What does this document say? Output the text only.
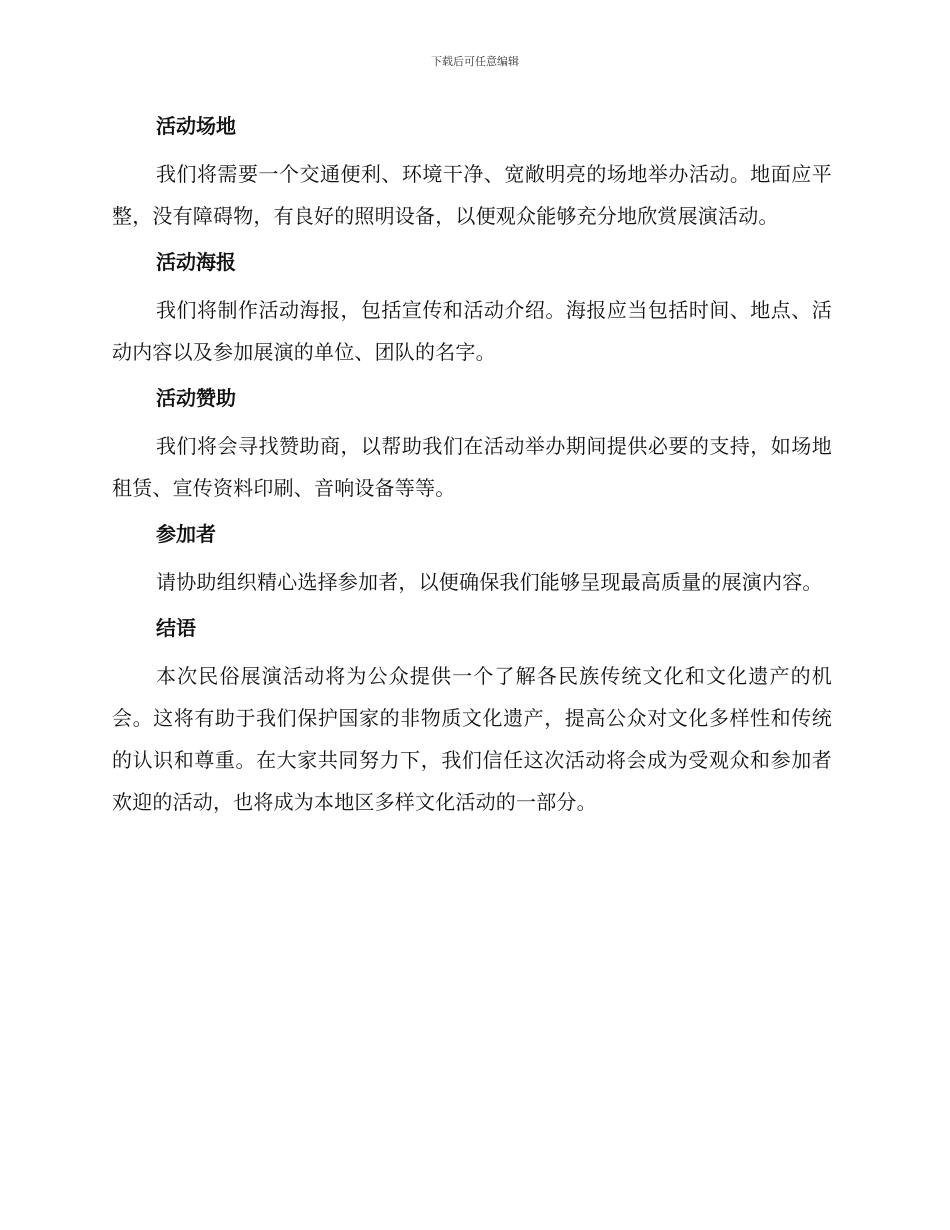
下载后可任意编辑
活动场地

我们将需要一个交通便利、环境干净、宽敞明亮的场地举办活动。地面应平整，没有障碍物，有良好的照明设备，以便观众能够充分地欣赏展演活动。

活动海报

我们将制作活动海报，包括宣传和活动介绍。海报应当包括时间、地点、活动内容以及参加展演的单位、团队的名字。

活动赞助

我们将会寻找赞助商，以帮助我们在活动举办期间提供必要的支持，如场地租赁、宣传资料印刷、音响设备等等。

参加者

请协助组织精心选择参加者，以便确保我们能够呈现最高质量的展演内容。

结语

本次民俗展演活动将为公众提供一个了解各民族传统文化和文化遗产的机会。这将有助于我们保护国家的非物质文化遗产，提高公众对文化多样性和传统的认识和尊重。在大家共同努力下，我们信任这次活动将会成为受观众和参加者欢迎的活动，也将成为本地区多样文化活动的一部分。
